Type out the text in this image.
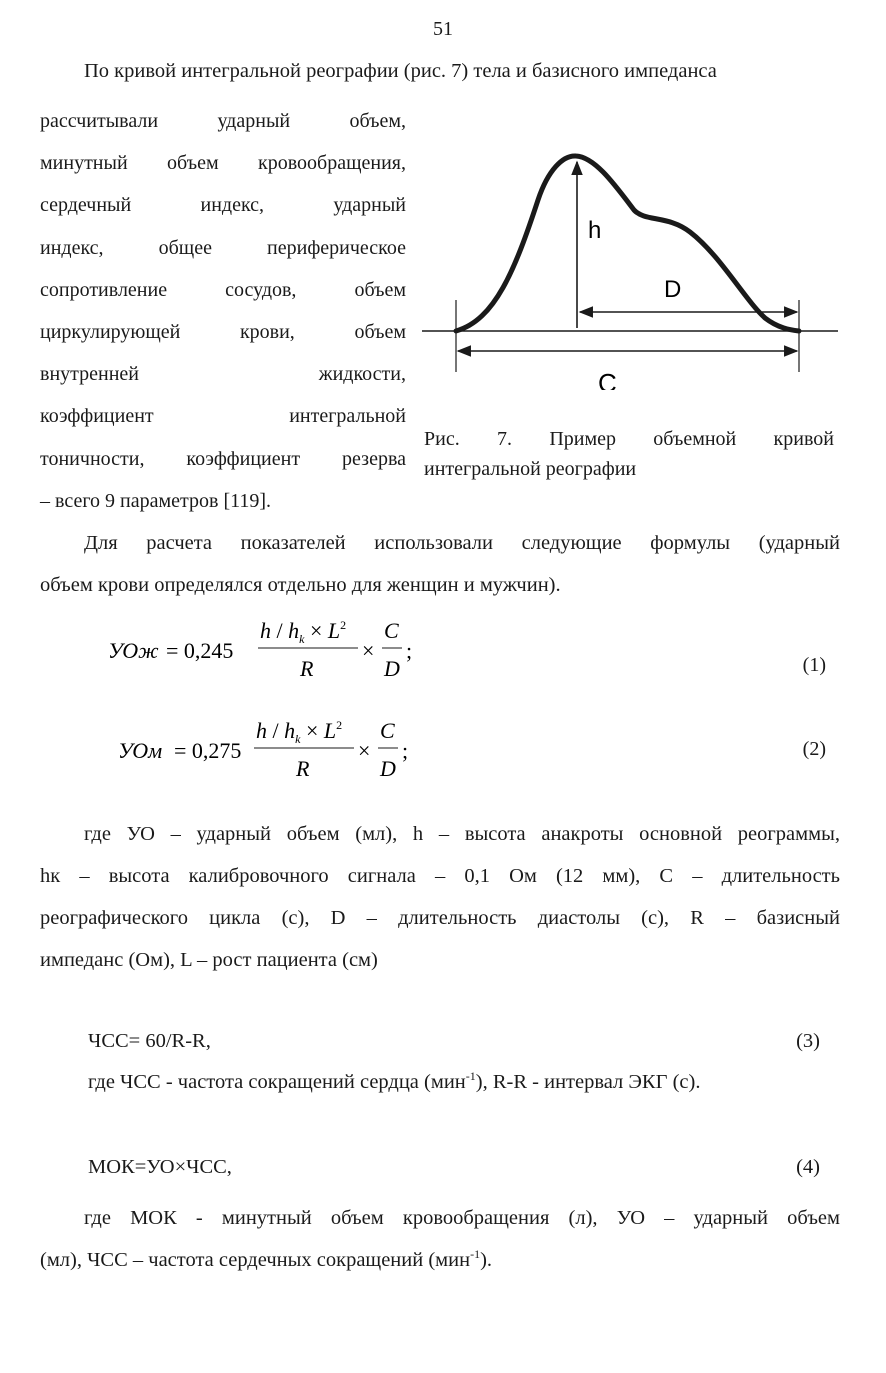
51
По кривой интегральной реографии (рис. 7) тела и базисного импеданса
рассчитывали ударный объем,
минутный объем кровообращения,
сердечный индекс, ударный
индекс, общее периферическое
сопротивление сосудов, объем
циркулирующей крови, объем
внутренней жидкости,
коэффициент интегральной
тоничности, коэффициент резерва
– всего 9 параметров [119].
h
D
C
Рис. 7. Пример объемной кривой
интегральной реографии
Для расчета показателей использовали следующие формулы (ударный
объем крови определялся отдельно для женщин и мужчин).
УОж = 0,245
$h / h_k \times L^2$
R
×
C
D
;
(1)
УОм = 0,275
$h / h_k \times L^2$
R
×
C
D
;	(2)
где УО – ударный объем (мл), h – высота анакроты основной реограммы,
hк – высота калибровочного сигнала – 0,1 Ом (12 мм), С – длительность
реографического цикла (с), D – длительность диастолы (с), R – базисный
импеданс (Ом), L – рост пациента (см)
ЧСС= 60/R-R,	(3)
где ЧСС - частота сокращений сердца (мин$^{-1}$), R-R - интервал ЭКГ (с).
МОК=УО×ЧСС,	(4)
где МОК - минутный объем кровообращения (л), УО – ударный объем
(мл), ЧСС – частота сердечных сокращений (мин$^{-1}$).
